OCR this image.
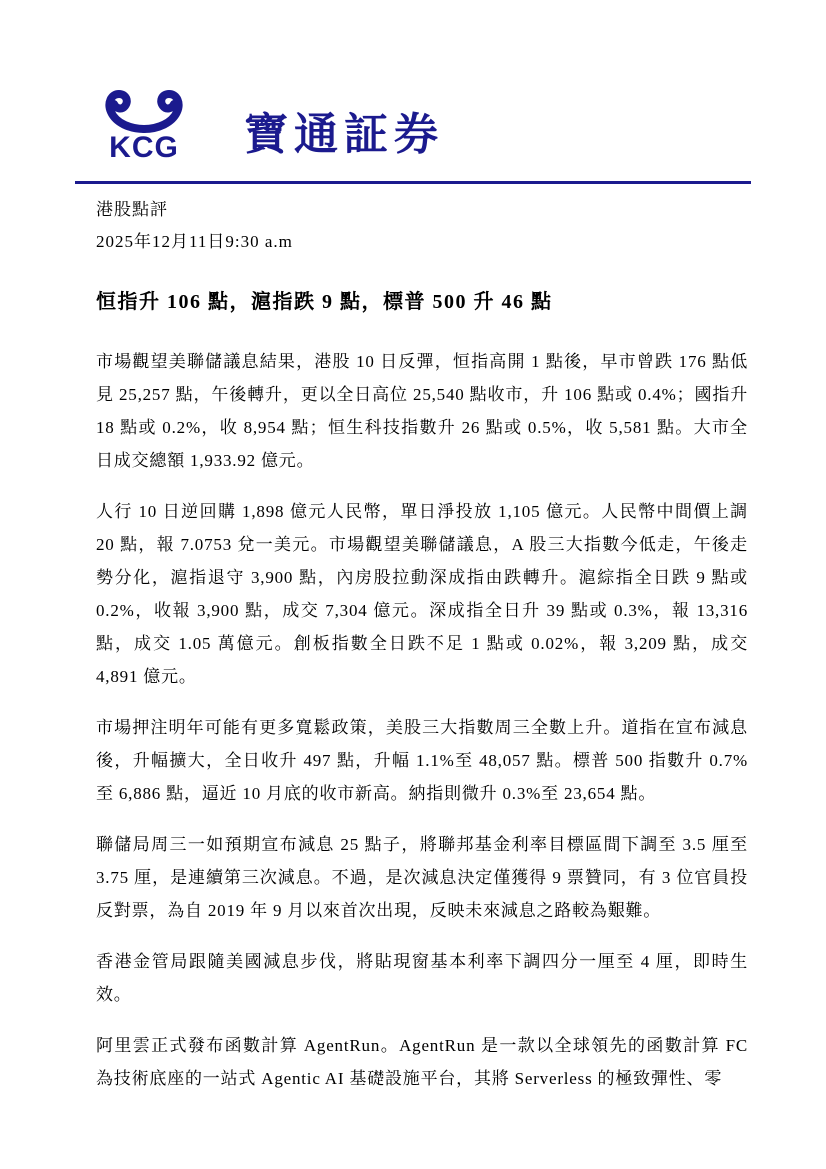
KCG 寶通証券
港股點評
2025年12月11日9:30 a.m
恒指升 106 點，滬指跌 9 點，標普 500 升 46 點

市場觀望美聯儲議息結果，港股 10 日反彈，恒指高開 1 點後，早市曾跌 176 點低見 25,257 點，午後轉升，更以全日高位 25,540 點收市，升 106 點或 0.4%；國指升 18 點或 0.2%，收 8,954 點；恒生科技指數升 26 點或 0.5%，收 5,581 點。大市全日成交總額 1,933.92 億元。

人行 10 日逆回購 1,898 億元人民幣，單日淨投放 1,105 億元。人民幣中間價上調 20 點，報 7.0753 兌一美元。市場觀望美聯儲議息，A 股三大指數今低走，午後走勢分化，滬指退守 3,900 點，內房股拉動深成指由跌轉升。滬綜指全日跌 9 點或 0.2%，收報 3,900 點，成交 7,304 億元。深成指全日升 39 點或 0.3%，報 13,316 點，成交 1.05 萬億元。創板指數全日跌不足 1 點或 0.02%，報 3,209 點，成交 4,891 億元。

市場押注明年可能有更多寬鬆政策，美股三大指數周三全數上升。道指在宣布減息後，升幅擴大，全日收升 497 點，升幅 1.1%至 48,057 點。標普 500 指數升 0.7%至 6,886 點，逼近 10 月底的收市新高。納指則微升 0.3%至 23,654 點。

聯儲局周三一如預期宣布減息 25 點子，將聯邦基金利率目標區間下調至 3.5 厘至 3.75 厘，是連續第三次減息。不過，是次減息決定僅獲得 9 票贊同，有 3 位官員投反對票，為自 2019 年 9 月以來首次出現，反映未來減息之路較為艱難。

香港金管局跟隨美國減息步伐，將貼現窗基本利率下調四分一厘至 4 厘，即時生效。

阿里雲正式發布函數計算 AgentRun。AgentRun 是一款以全球領先的函數計算 FC 為技術底座的一站式 Agentic AI 基礎設施平台，其將 Serverless 的極致彈性、零
